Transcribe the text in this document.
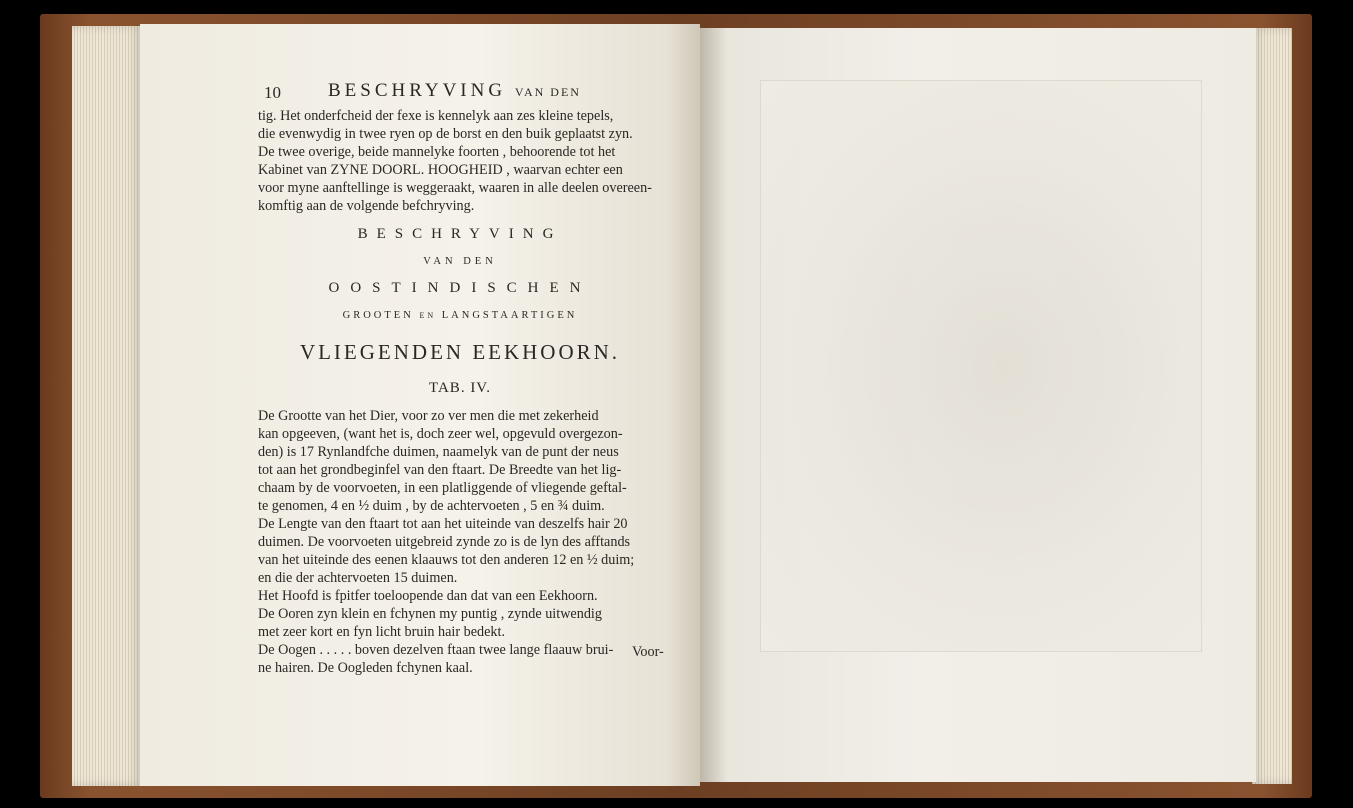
10 BESCHRYVING VAN DEN
tig. Het onderfcheid der fexe is kennelyk aan zes kleine tepels,
die evenwydig in twee ryen op de borst en den buik geplaatst zyn.
De twee overige, beide mannelyke foorten , behoorende tot het
Kabinet van ZYNE DOORL. HOOGHEID , waarvan echter een
voor myne aanftellinge is weggeraakt, waaren in alle deelen overeen-
komftig aan de volgende befchryving.
BESCHRYVING
VAN DEN
OOSTINDISCHEN
GROOTEN EN LANGSTAARTIGEN
VLIEGENDEN EEKHOORN.
TAB. IV.
De Grootte van het Dier, voor zo ver men die met zekerheid
kan opgeeven, (want het is, doch zeer wel, opgevuld overgezon-
den) is 17 Rynlandfche duimen, naamelyk van de punt der neus
tot aan het grondbeginfel van den ftaart. De Breedte van het lig-
chaam by de voorvoeten, in een platliggende of vliegende geftal-
te genomen, 4 en ½ duim , by de achtervoeten , 5 en ¾ duim.
De Lengte van den ftaart tot aan het uiteinde van deszelfs hair 20
duimen. De voorvoeten uitgebreid zynde zo is de lyn des afftands
van het uiteinde des eenen klaauws tot den anderen 12 en ½ duim;
en die der achtervoeten 15 duimen.
Het Hoofd is fpitfer toeloopende dan dat van een Eekhoorn.
De Ooren zyn klein en fchynen my puntig , zynde uitwendig
met zeer kort en fyn licht bruin hair bedekt.
De Oogen . . . . . boven dezelven ftaan twee lange flaauw brui-
ne hairen. De Oogleden fchynen kaal.
Voor-
